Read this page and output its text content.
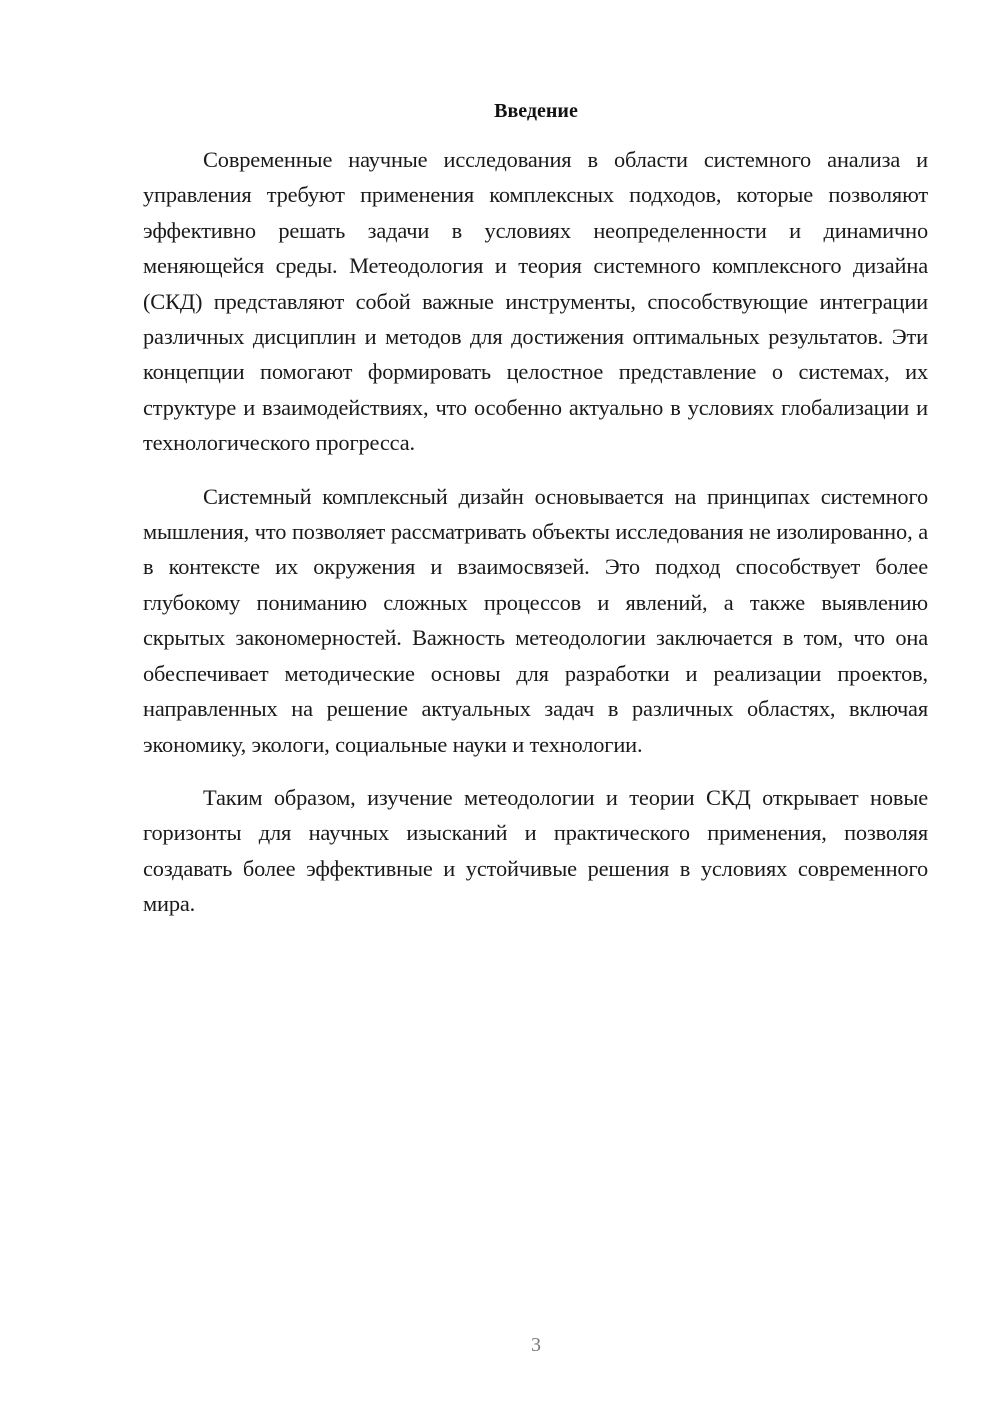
Введение

Современные научные исследования в области системного анализа и управления требуют применения комплексных подходов, которые позволяют эффективно решать задачи в условиях неопределенности и динамично меняющейся среды. Метеодология и теория системного комплексного дизайна (СКД) представляют собой важные инструменты, способствующие интеграции различных дисциплин и методов для достижения оптимальных результатов. Эти концепции помогают формировать целостное представление о системах, их структуре и взаимодействиях, что особенно актуально в условиях глобализации и технологического прогресса.

Системный комплексный дизайн основывается на принципах системного мышления, что позволяет рассматривать объекты исследования не изолированно, а в контексте их окружения и взаимосвязей. Это подход способствует более глубокому пониманию сложных процессов и явлений, а также выявлению скрытых закономерностей. Важность метеодологии заключается в том, что она обеспечивает методические основы для разработки и реализации проектов, направленных на решение актуальных задач в различных областях, включая экономику, экологи, социальные науки и технологии.

Таким образом, изучение метеодологии и теории СКД открывает новые горизонты для научных изысканий и практического применения, позволяя создавать более эффективные и устойчивые решения в условиях современного мира.

3
